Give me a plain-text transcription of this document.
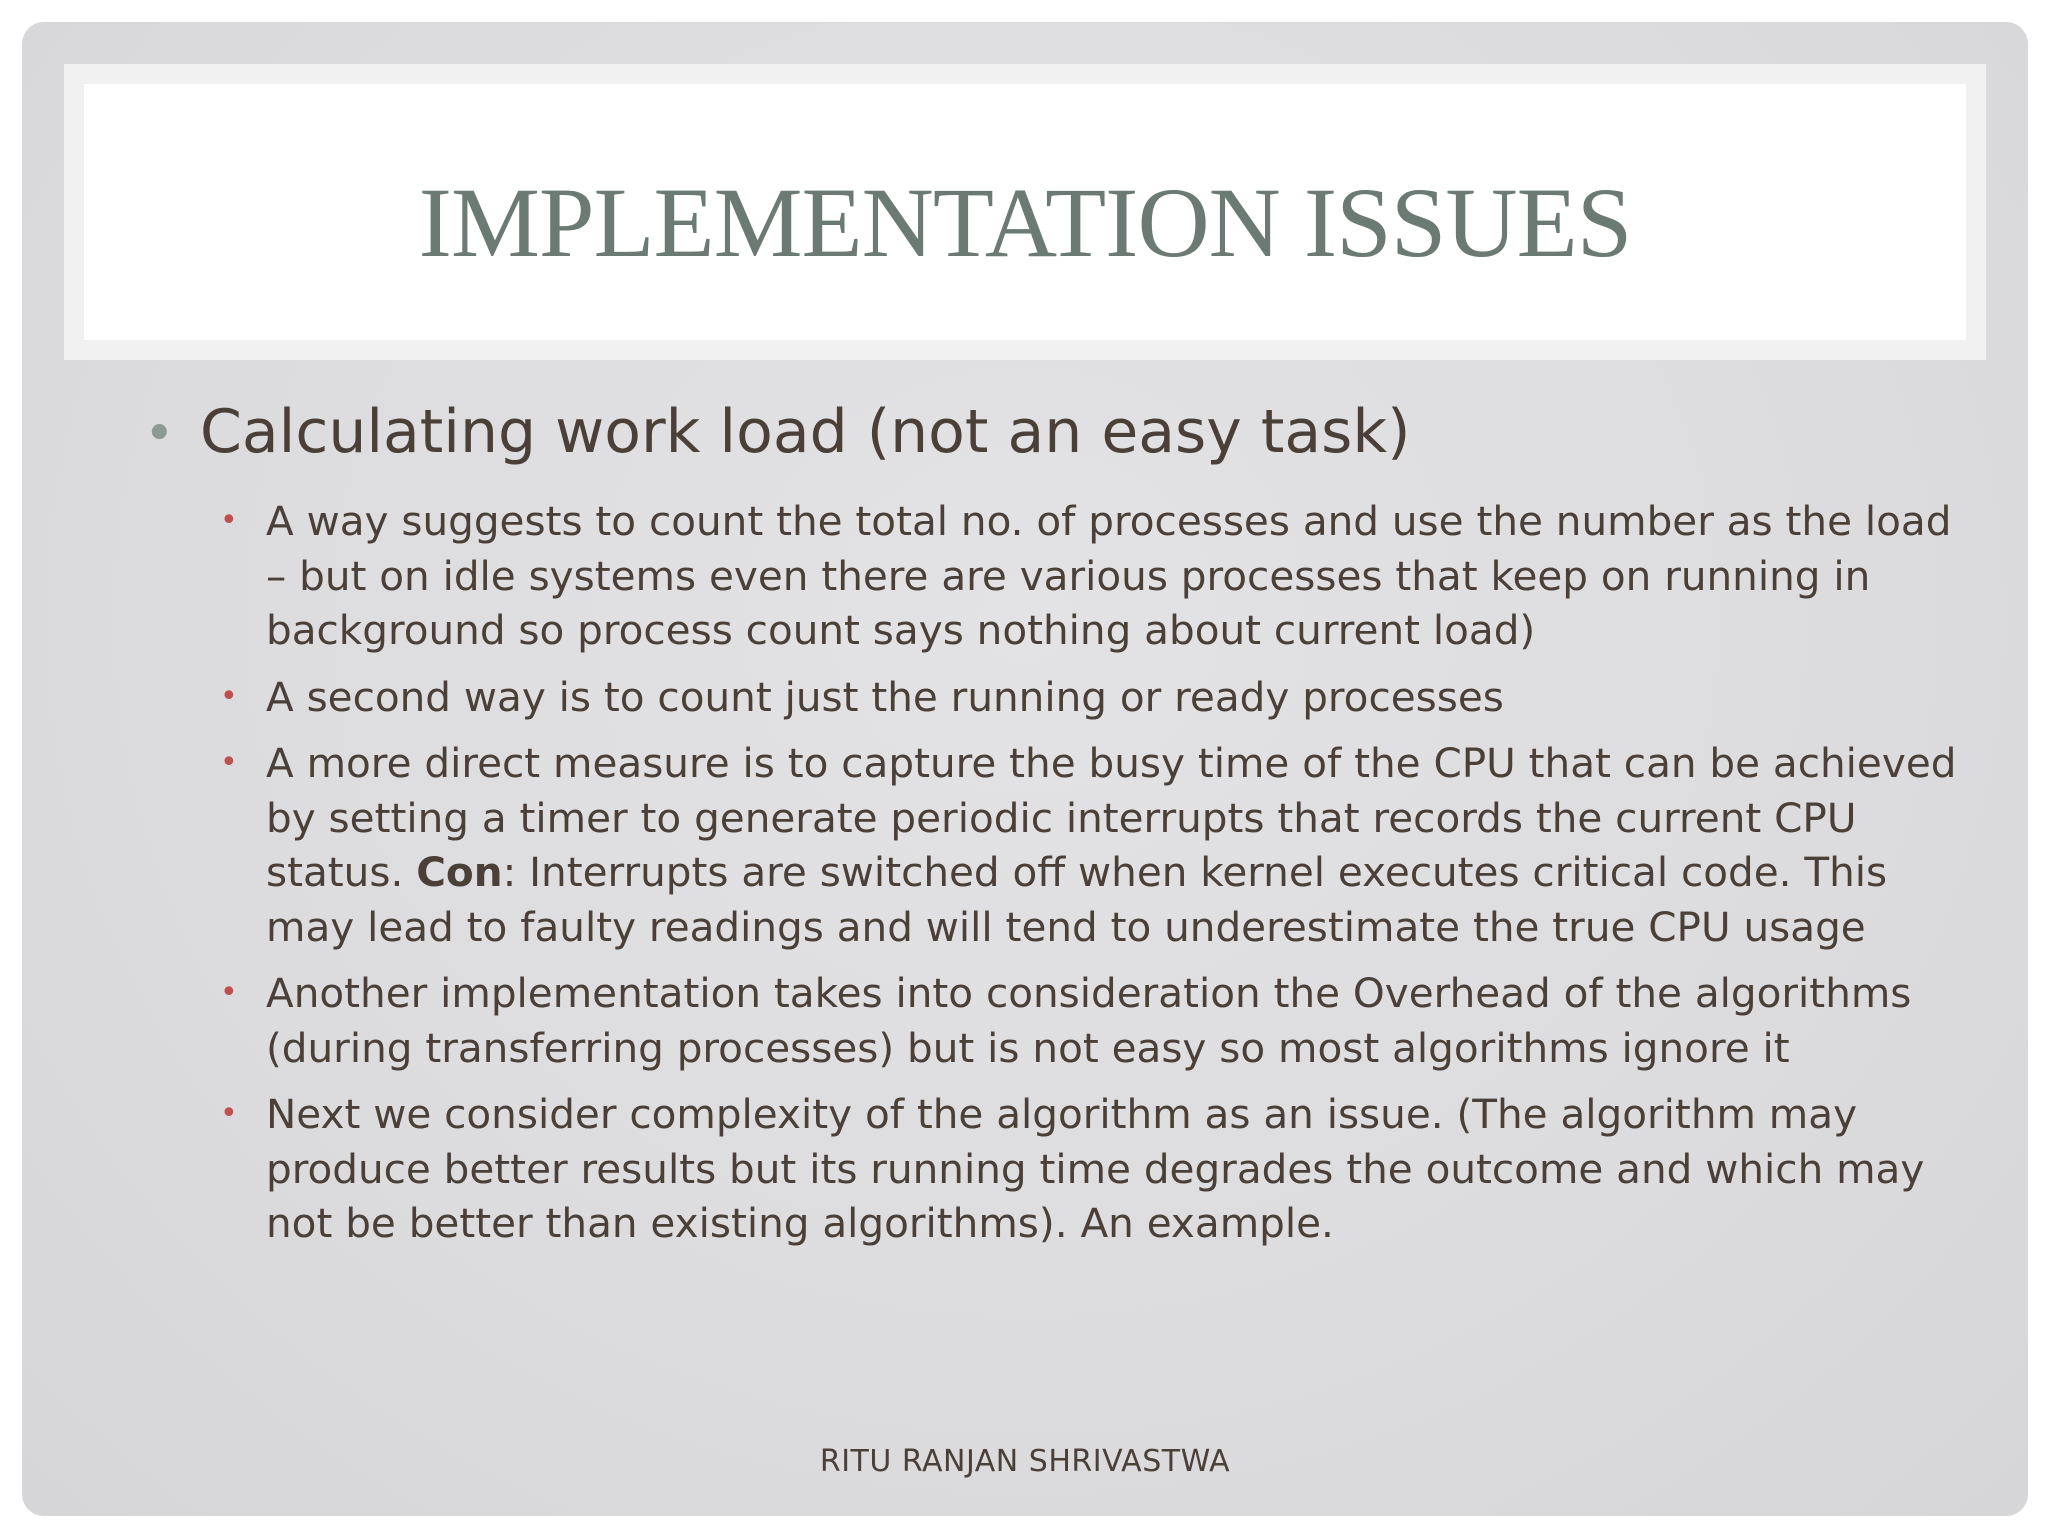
IMPLEMENTATION ISSUES
• Calculating work load (not an easy task)
• A way suggests to count the total no. of processes and use the number as the load – but on idle systems even there are various processes that keep on running in background so process count says nothing about current load)
• A second way is to count just the running or ready processes
• A more direct measure is to capture the busy time of the CPU that can be achieved by setting a timer to generate periodic interrupts that records the current CPU status. Con: Interrupts are switched off when kernel executes critical code. This may lead to faulty readings and will tend to underestimate the true CPU usage
• Another implementation takes into consideration the Overhead of the algorithms (during transferring processes) but is not easy so most algorithms ignore it
• Next we consider complexity of the algorithm as an issue. (The algorithm may produce better results but its running time degrades the outcome and which may not be better than existing algorithms). An example.
RITU RANJAN SHRIVASTWA
